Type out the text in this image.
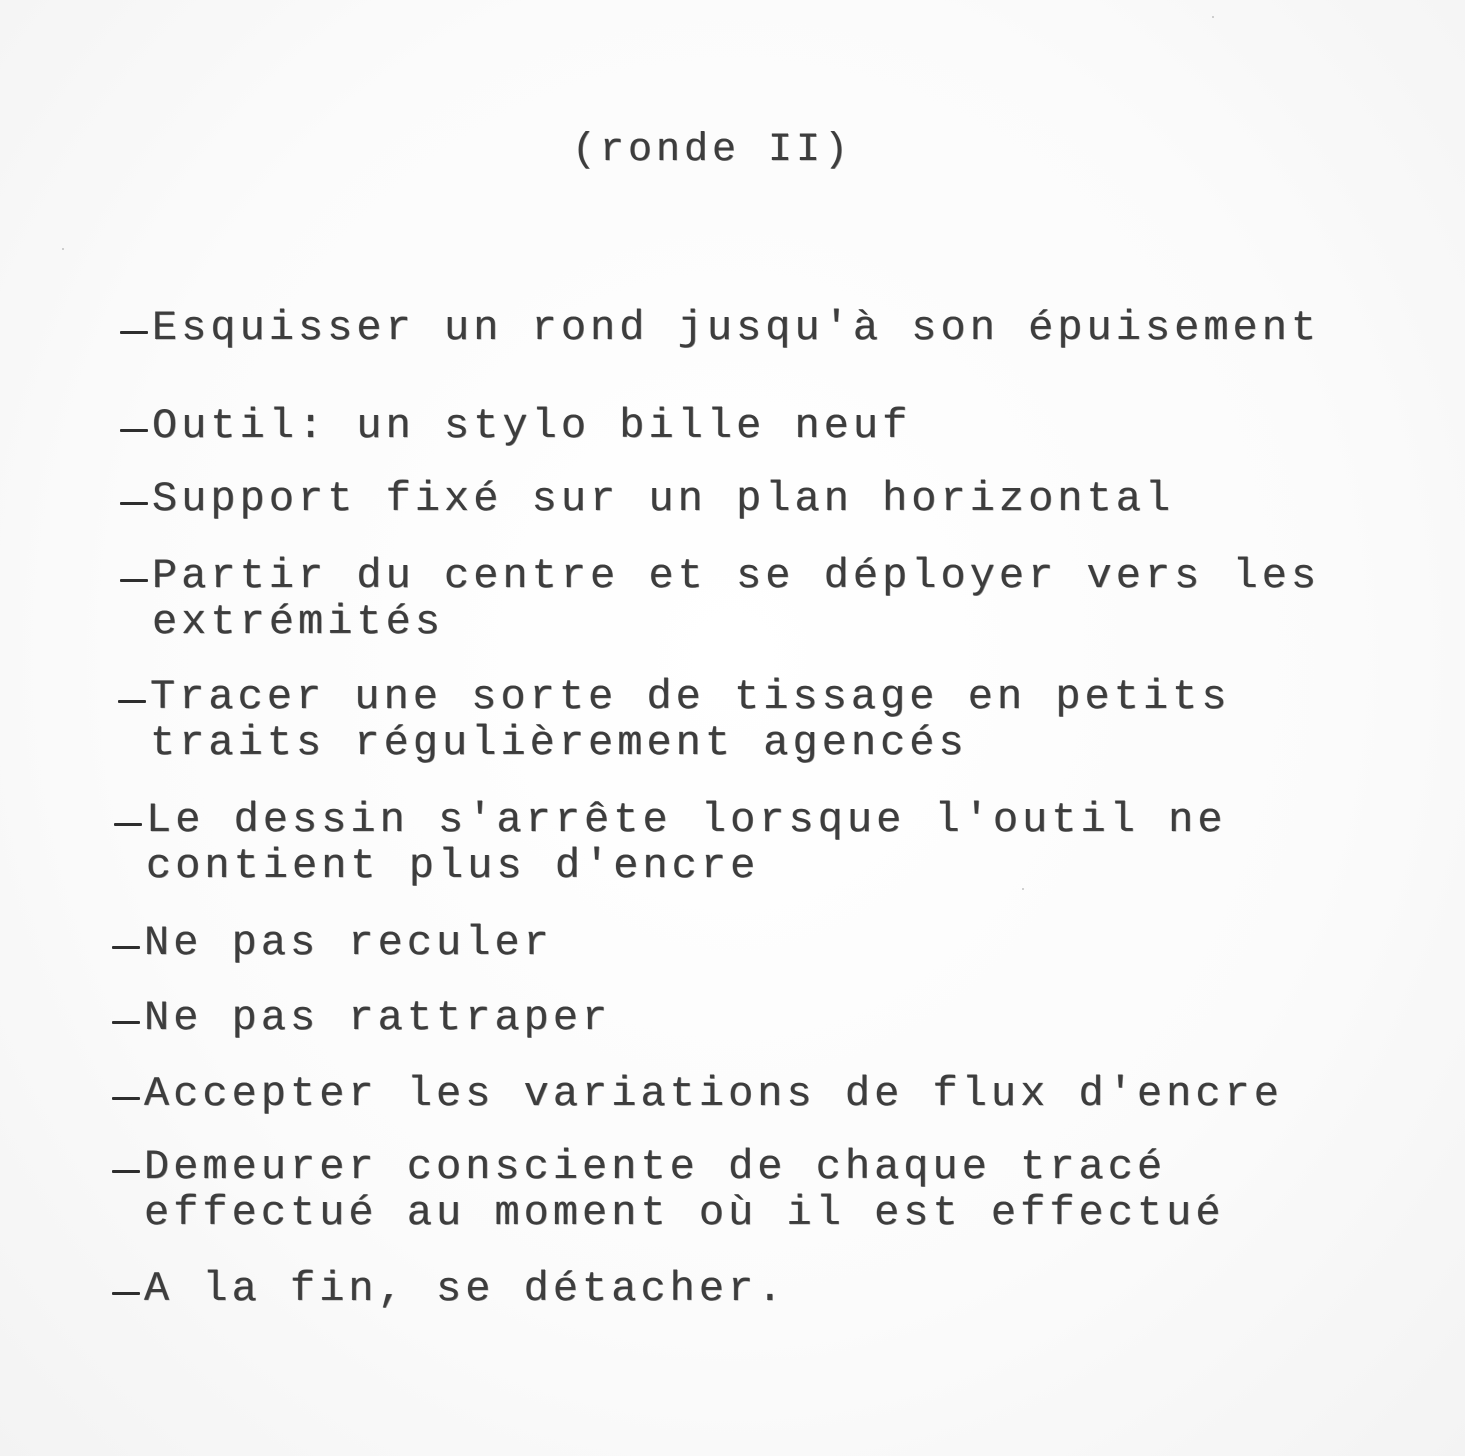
(ronde II)
Esquisser un rond jusqu'à son épuisement
Outil: un stylo bille neuf
Support fixé sur un plan horizontal
Partir du centre et se déployer vers les
extrémités
Tracer une sorte de tissage en petits
traits régulièrement agencés
Le dessin s'arrête lorsque l'outil ne
contient plus d'encre
Ne pas reculer
Ne pas rattraper
Accepter les variations de flux d'encre
Demeurer consciente de chaque tracé
effectué au moment où il est effectué
A la fin, se détacher.
